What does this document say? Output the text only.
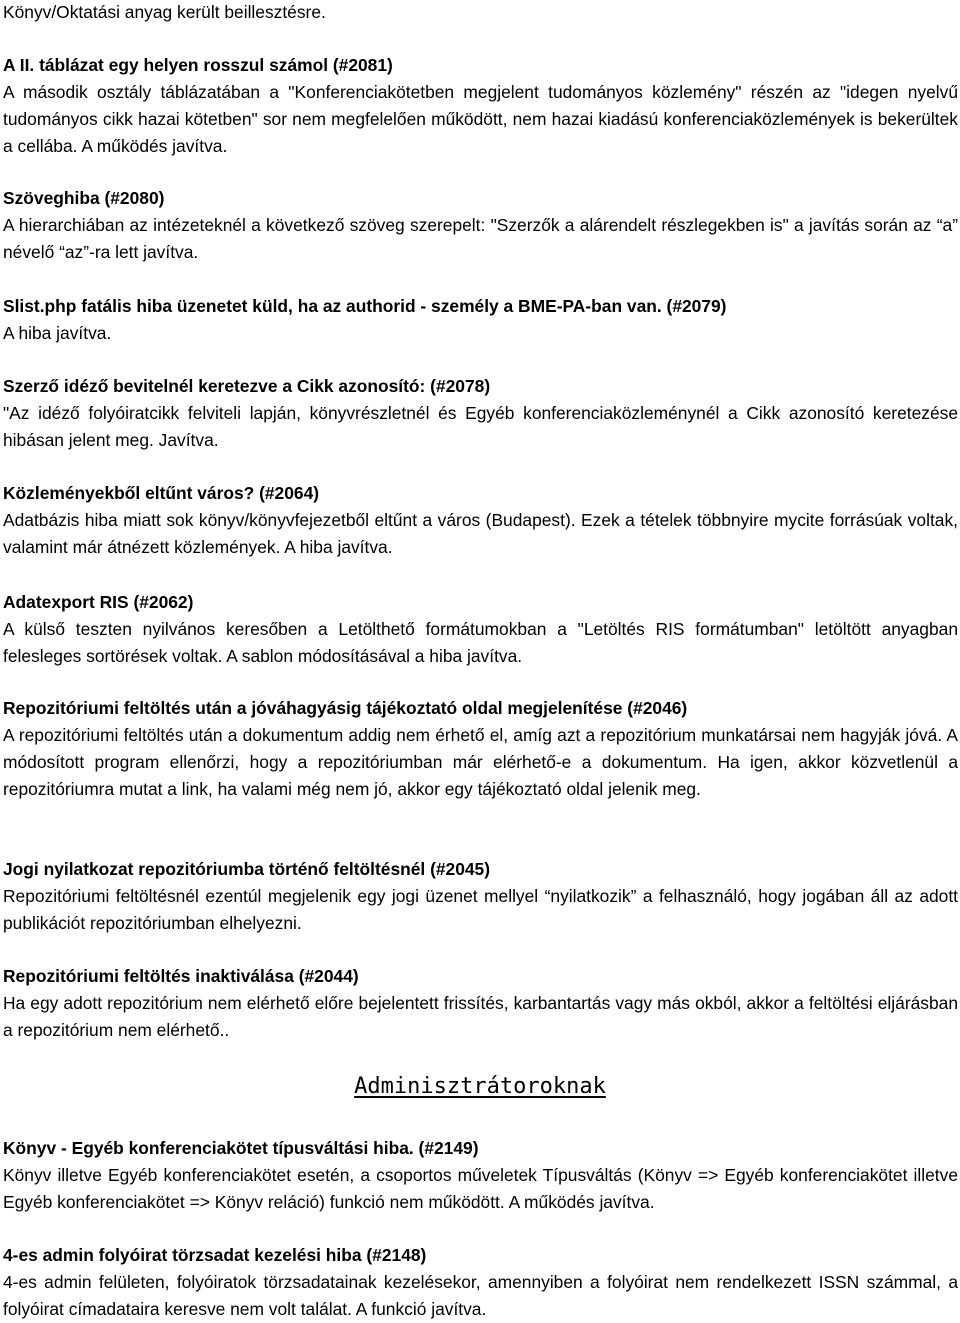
Könyv/Oktatási anyag került beillesztésre.

A II. táblázat egy helyen rosszul számol (#2081)

A második osztály táblázatában a "Konferenciakötetben megjelent tudományos közlemény" részén az "idegen nyelvű tudományos cikk hazai kötetben" sor nem megfelelően működött, nem hazai kiadású konferenciaközlemények is bekerültek a cellába. A működés javítva.

Szöveghiba (#2080)

A hierarchiában az intézeteknél a következő szöveg szerepelt: "Szerzők a alárendelt részlegekben is" a javítás során az “a” névelő “az”-ra lett javítva.

Slist.php fatális hiba üzenetet küld, ha az authorid - személy a BME-PA-ban van. (#2079)

A hiba javítva.

Szerző idéző bevitelnél keretezve a Cikk azonosító: (#2078)

"Az idéző folyóiratcikk felviteli lapján, könyvrészletnél és Egyéb konferenciaközleménynél a Cikk azonosító keretezése hibásan jelent meg. Javítva.

Közleményekből eltűnt város? (#2064)

Adatbázis hiba miatt sok könyv/könyvfejezetből eltűnt a város (Budapest). Ezek a tételek többnyire mycite forrásúak voltak, valamint már átnézett közlemények. A hiba javítva.

Adatexport RIS (#2062)

A külső teszten nyilvános keresőben a Letölthető formátumokban a "Letöltés RIS formátumban" letöltött anyagban felesleges sortörések voltak. A sablon módosításával a hiba javítva.

Repozitóriumi feltöltés után a jóváhagyásig tájékoztató oldal megjelenítése (#2046)

A repozitóriumi feltöltés után a dokumentum addig nem érhető el, amíg azt a repozitórium munkatársai nem hagyják jóvá. A módosított program ellenőrzi, hogy a repozitóriumban már elérhető-e a dokumentum. Ha igen, akkor közvetlenül a repozitóriumra mutat a link, ha valami még nem jó, akkor egy tájékoztató oldal jelenik meg.

Jogi nyilatkozat repozitóriumba történő feltöltésnél (#2045)

Repozitóriumi feltöltésnél ezentúl megjelenik egy jogi üzenet mellyel “nyilatkozik” a felhasználó, hogy jogában áll az adott publikációt repozitóriumban elhelyezni.

Repozitóriumi feltöltés inaktiválása (#2044)

Ha egy adott repozitórium nem elérhető előre bejelentett frissítés, karbantartás vagy más okból, akkor a feltöltési eljárásban a repozitórium nem elérhető..

Adminisztrátoroknak

Könyv - Egyéb konferenciakötet típusváltási hiba. (#2149)

Könyv illetve Egyéb konferenciakötet esetén, a csoportos műveletek Típusváltás (Könyv => Egyéb konferenciakötet illetve Egyéb konferenciakötet => Könyv reláció) funkció nem működött. A működés javítva.

4-es admin folyóirat törzsadat kezelési hiba (#2148)

4-es admin felületen, folyóiratok törzsadatainak kezelésekor, amennyiben a folyóirat nem rendelkezett ISSN számmal, a folyóirat címadataira keresve nem volt találat. A funkció javítva.
